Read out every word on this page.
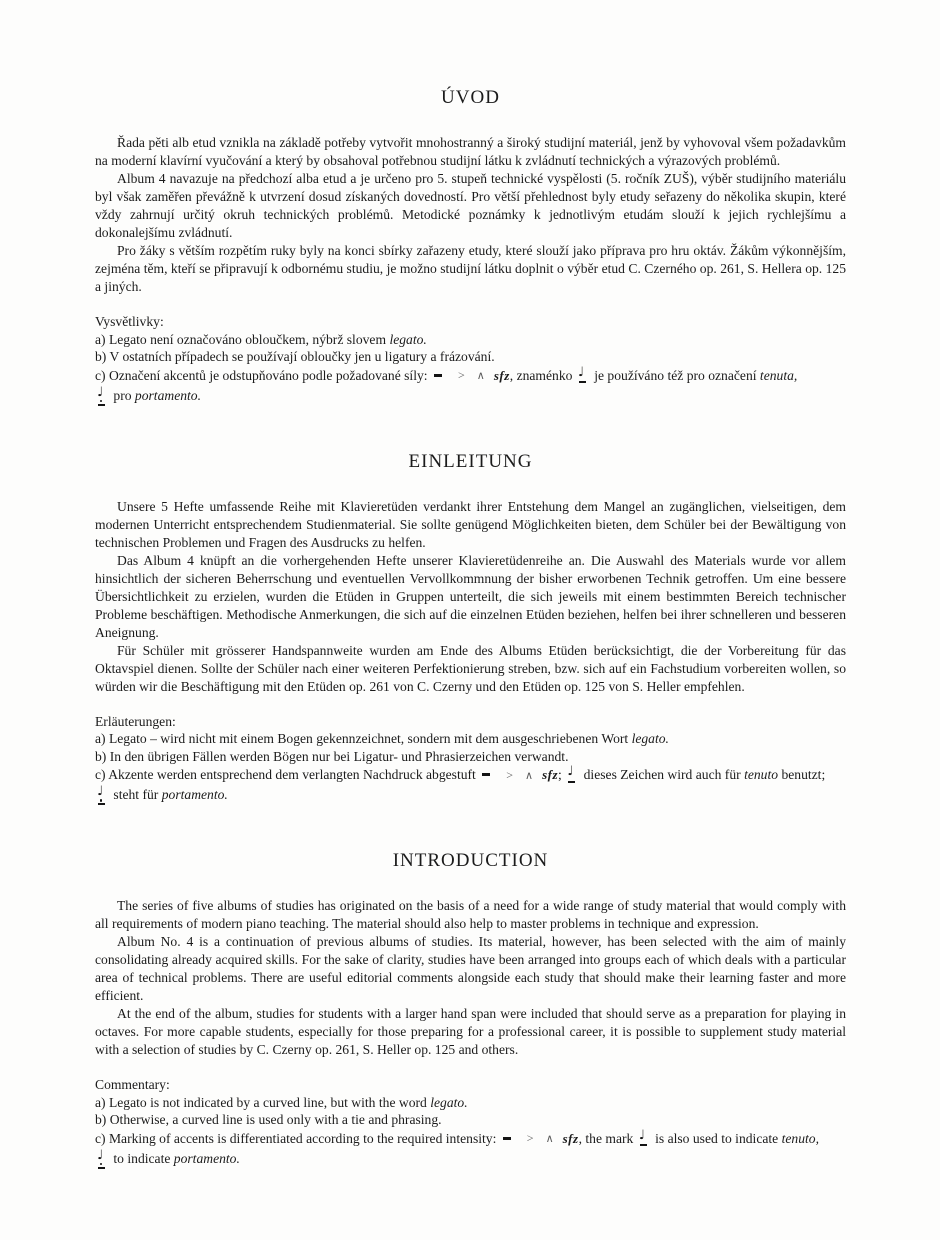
ÚVOD

Řada pěti alb etud vznikla na základě potřeby vytvořit mnohostranný a široký studijní materiál, jenž by vyhovoval všem požadavkům na moderní klavírní vyučování a který by obsahoval potřebnou studijní látku k zvládnutí technických a výrazových problémů.

Album 4 navazuje na předchozí alba etud a je určeno pro 5. stupeň technické vyspělosti (5. ročník ZUŠ), výběr studijního materiálu byl však zaměřen převážně k utvrzení dosud získaných dovedností. Pro větší přehlednost byly etudy seřazeny do několika skupin, které vždy zahrnují určitý okruh technických problémů. Metodické poznámky k jednotlivým etudám slouží k jejich rychlejšímu a dokonalejšímu zvládnutí.

Pro žáky s větším rozpětím ruky byly na konci sbírky zařazeny etudy, které slouží jako příprava pro hru oktáv. Žákům výkonnějším, zejména těm, kteří se připravují k odbornému studiu, je možno studijní látku doplnit o výběr etud C. Czerného op. 261, S. Hellera op. 125 a jiných.

Vysvětlivky:

a) Legato není označováno obloučkem, nýbrž slovem legato.

b) V ostatních případech se používají obloučky jen u ligatury a frázování.

c) Označení akcentů je odstupňováno podle požadované síly: > ∧ sfz, znaménko ♩ je používáno též pro označení tenuta,

♩ pro portamento.

EINLEITUNG

Unsere 5 Hefte umfassende Reihe mit Klavieretüden verdankt ihrer Entstehung dem Mangel an zugänglichen, vielseitigen, dem modernen Unterricht entsprechendem Studienmaterial. Sie sollte genügend Möglichkeiten bieten, dem Schüler bei der Bewältigung von technischen Problemen und Fragen des Ausdrucks zu helfen.

Das Album 4 knüpft an die vorhergehenden Hefte unserer Klavieretüdenreihe an. Die Auswahl des Materials wurde vor allem hinsichtlich der sicheren Beherrschung und eventuellen Vervollkommnung der bisher erworbenen Technik getroffen. Um eine bessere Übersichtlichkeit zu erzielen, wurden die Etüden in Gruppen unterteilt, die sich jeweils mit einem bestimmten Bereich technischer Probleme beschäftigen. Methodische Anmerkungen, die sich auf die einzelnen Etüden beziehen, helfen bei ihrer schnelleren und besseren Aneignung.

Für Schüler mit grösserer Handspannweite wurden am Ende des Albums Etüden berücksichtigt, die der Vorbereitung für das Oktavspiel dienen. Sollte der Schüler nach einer weiteren Perfektionierung streben, bzw. sich auf ein Fachstudium vorbereiten wollen, so würden wir die Beschäftigung mit den Etüden op. 261 von C. Czerny und den Etüden op. 125 von S. Heller empfehlen.

Erläuterungen:

a) Legato – wird nicht mit einem Bogen gekennzeichnet, sondern mit dem ausgeschriebenen Wort legato.

b) In den übrigen Fällen werden Bögen nur bei Ligatur- und Phrasierzeichen verwandt.

c) Akzente werden entsprechend dem verlangten Nachdruck abgestuft > ∧ sfz; ♩ dieses Zeichen wird auch für tenuto benutzt;

♩ steht für portamento.

INTRODUCTION

The series of five albums of studies has originated on the basis of a need for a wide range of study material that would comply with all requirements of modern piano teaching. The material should also help to master problems in technique and expression.

Album No. 4 is a continuation of previous albums of studies. Its material, however, has been selected with the aim of mainly consolidating already acquired skills. For the sake of clarity, studies have been arranged into groups each of which deals with a particular area of technical problems. There are useful editorial comments alongside each study that should make their learning faster and more efficient.

At the end of the album, studies for students with a larger hand span were included that should serve as a preparation for playing in octaves. For more capable students, especially for those preparing for a professional career, it is possible to supplement study material with a selection of studies by C. Czerny op. 261, S. Heller op. 125 and others.

Commentary:

a) Legato is not indicated by a curved line, but with the word legato.

b) Otherwise, a curved line is used only with a tie and phrasing.

c) Marking of accents is differentiated according to the required intensity: > ∧ sfz, the mark ♩ is also used to indicate tenuto,

♩ to indicate portamento.
